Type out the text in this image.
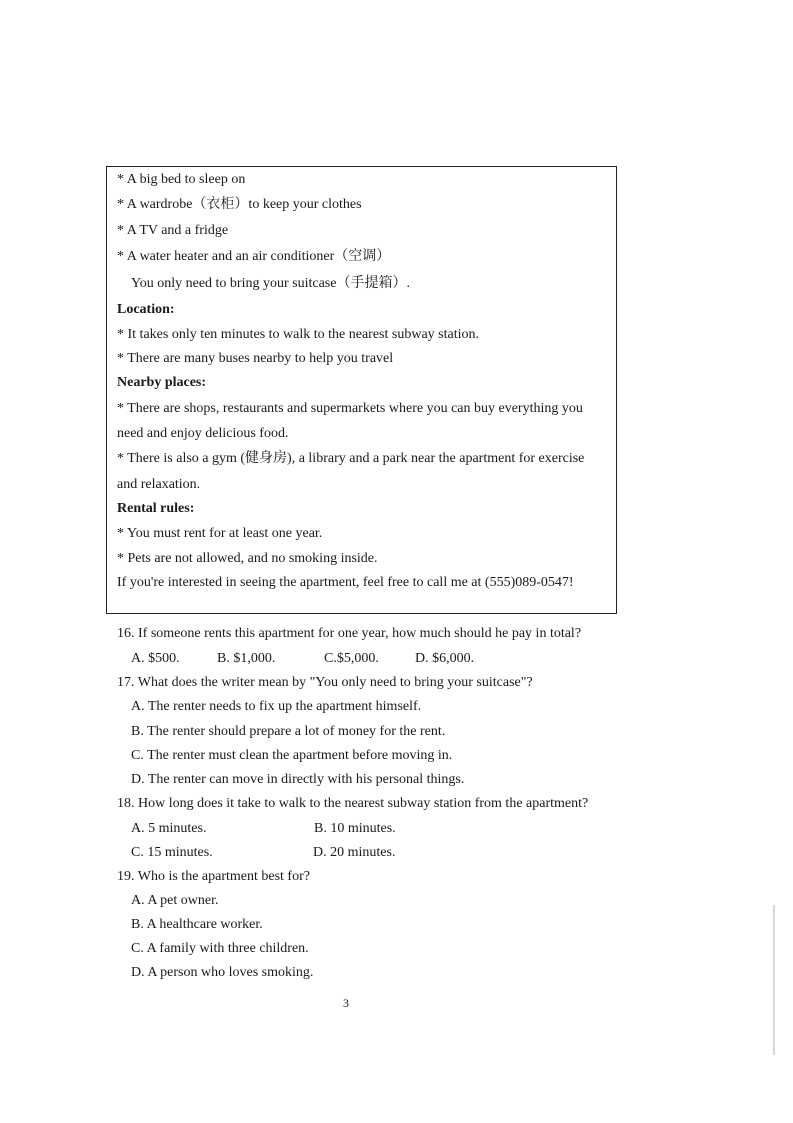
* A big bed to sleep on
* A wardrobe（衣柜）to keep your clothes
* A TV and a fridge
* A water heater and an air conditioner（空调）
You only need to bring your suitcase（手提箱）.
Location:
* It takes only ten minutes to walk to the nearest subway station.
* There are many buses nearby to help you travel
Nearby places:
* There are shops, restaurants and supermarkets where you can buy everything you
need and enjoy delicious food.
* There is also a gym (健身房), a library and a park near the apartment for exercise
and relaxation.
Rental rules:
* You must rent for at least one year.
* Pets are not allowed, and no smoking inside.
If you're interested in seeing the apartment, feel free to call me at (555)089-0547!
16. If someone rents this apartment for one year, how much should he pay in total?
A. $500.	B. $1,000.	C.$5,000.	D. $6,000.
17. What does the writer mean by "You only need to bring your suitcase"?
A. The renter needs to fix up the apartment himself.
B. The renter should prepare a lot of money for the rent.
C. The renter must clean the apartment before moving in.
D. The renter can move in directly with his personal things.
18. How long does it take to walk to the nearest subway station from the apartment?
A. 5 minutes.	B. 10 minutes.
C. 15 minutes.	D. 20 minutes.
19. Who is the apartment best for?
A. A pet owner.
B. A healthcare worker.
C. A family with three children.
D. A person who loves smoking.
3
